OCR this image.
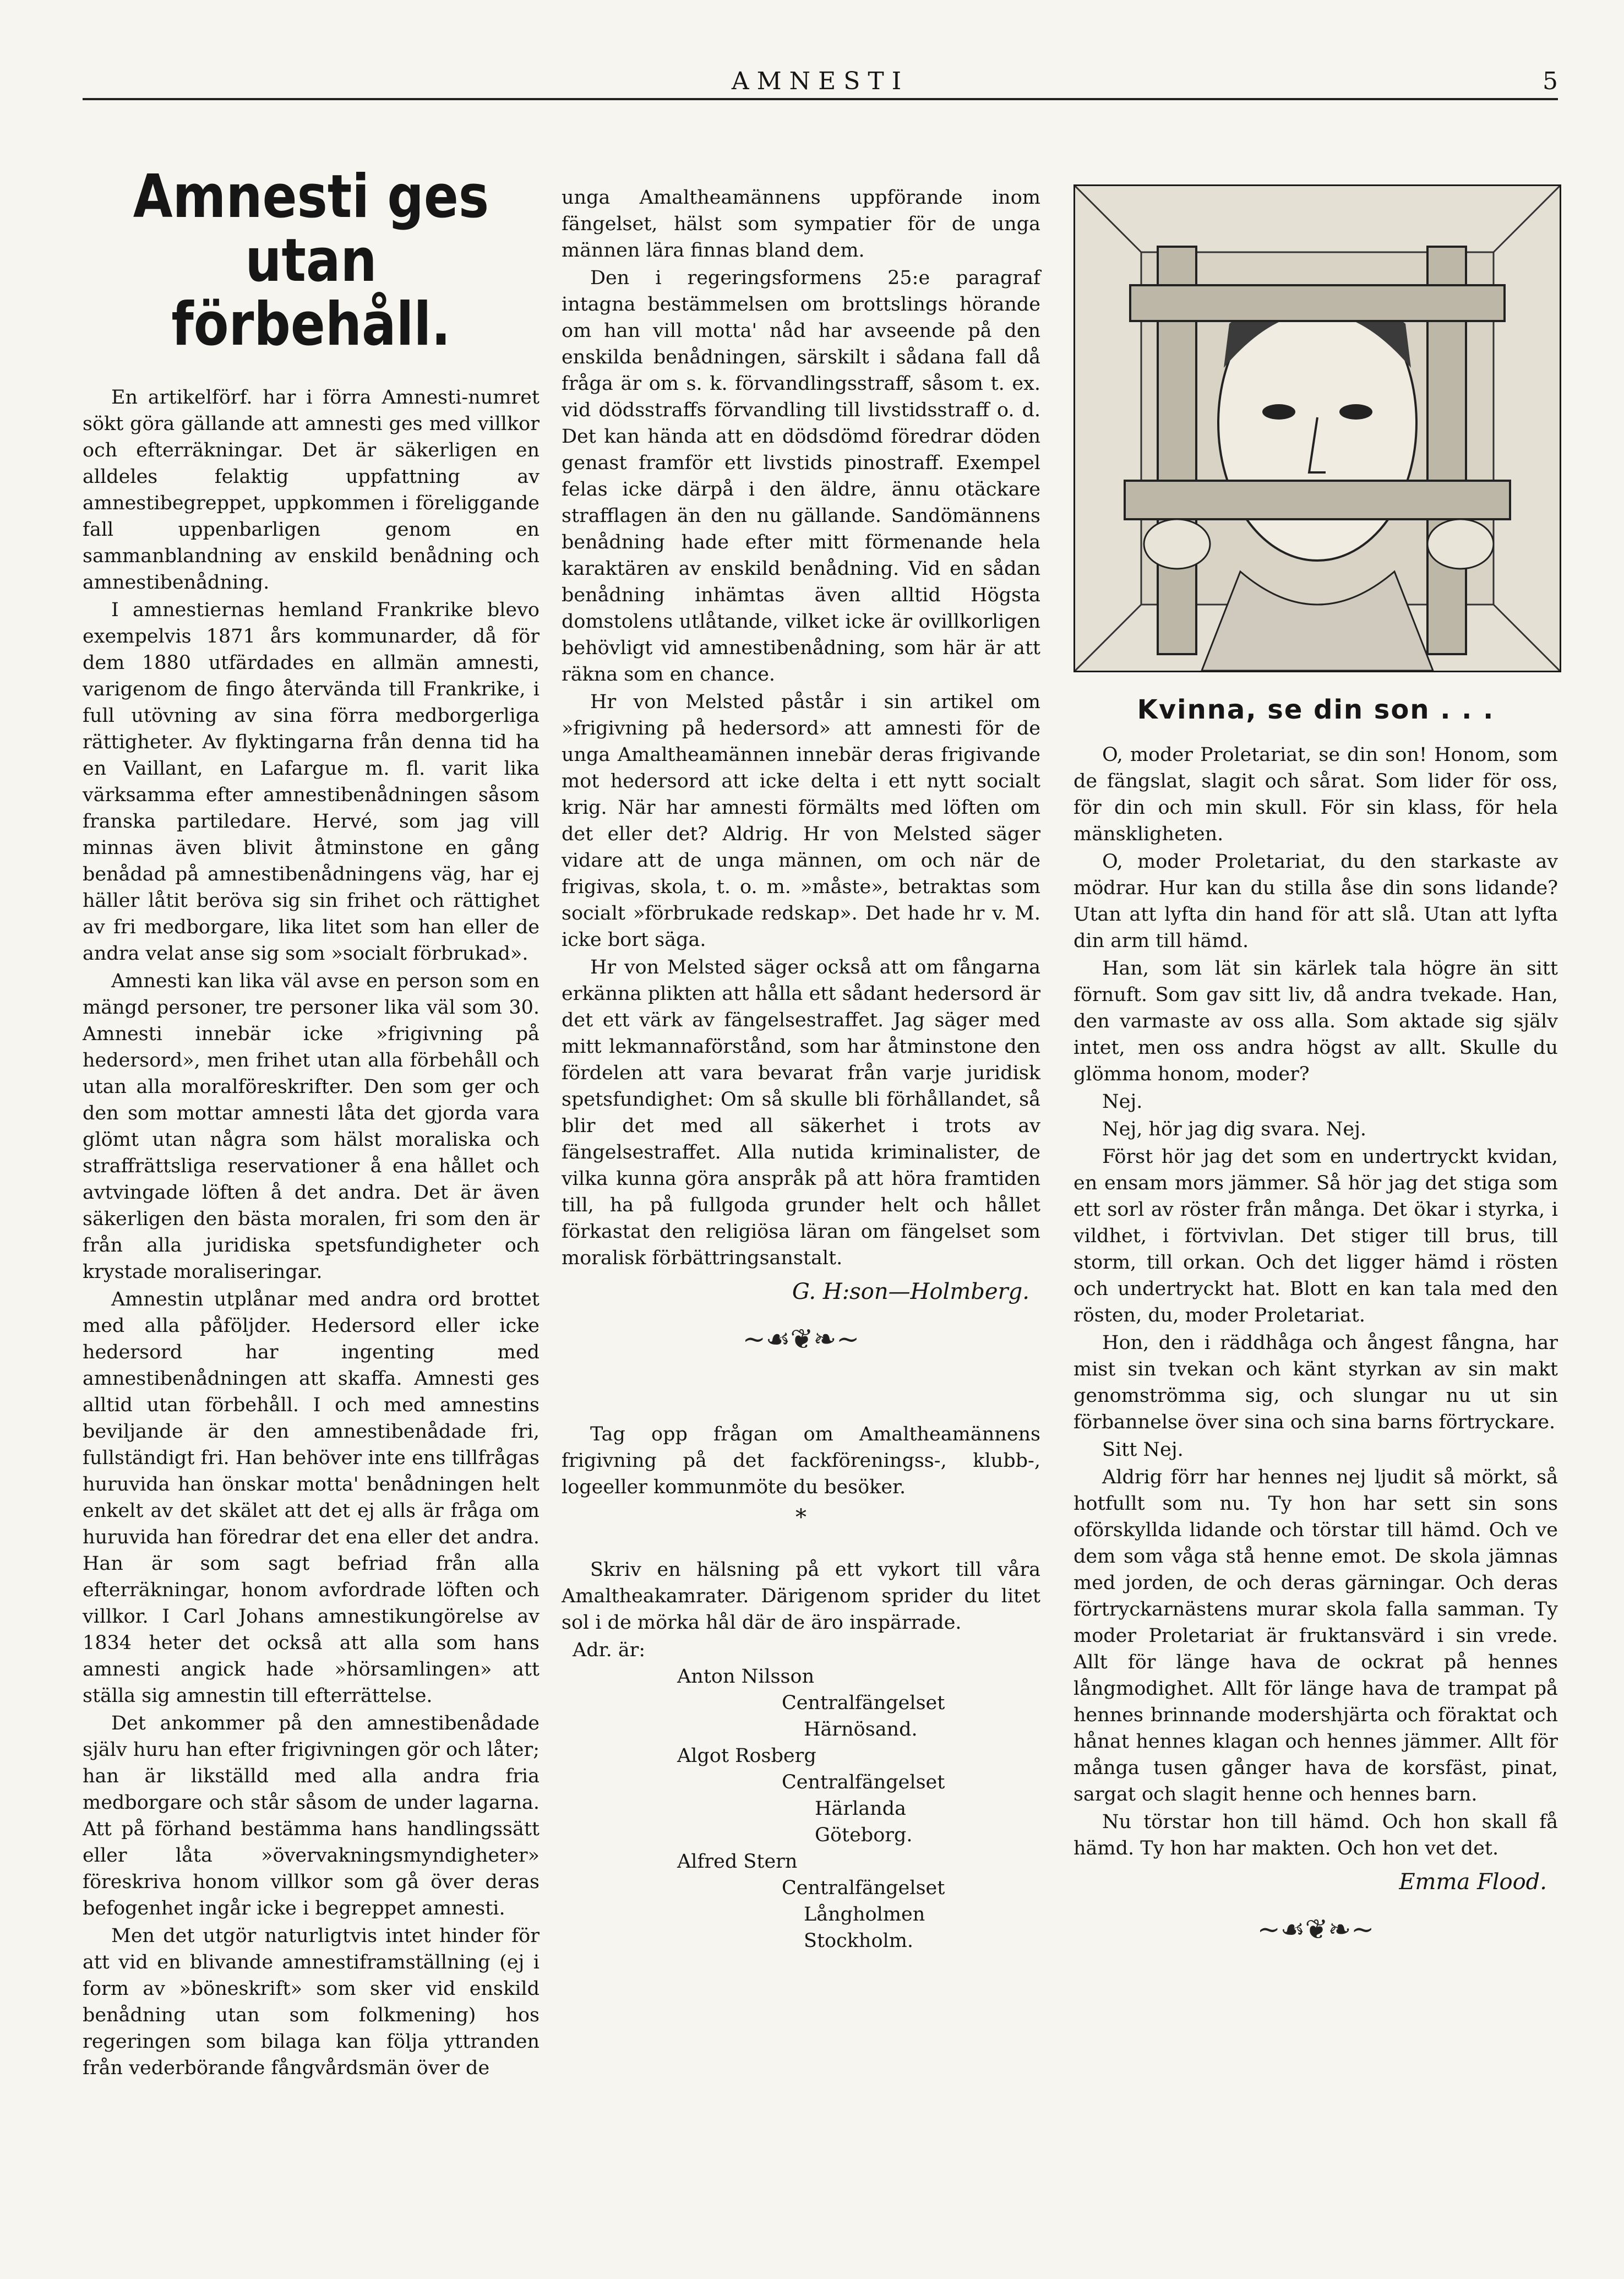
AMNESTI	5
Amnesti ges utan
förbehåll.

En artikelförf. har i förra Amnesti-numret sökt göra gällande att amnesti ges med villkor och efterräkningar. Det är säkerligen en alldeles felaktig uppfattning av amnestibegreppet, uppkommen i föreliggande fall uppenbarligen genom en sammanblandning av enskild benådning och amnestibenådning.

I amnestiernas hemland Frankrike blevo exempelvis 1871 års kommunarder, då för dem 1880 utfärdades en allmän amnesti, varigenom de fingo återvända till Frankrike, i full utövning av sina förra medborgerliga rättigheter. Av flyktingarna från denna tid ha en Vaillant, en Lafargue m. fl. varit lika värksamma efter amnestibenådningen såsom franska partiledare. Hervé, som jag vill minnas även blivit åtminstone en gång benådad på amnestibenådningens väg, har ej häller låtit beröva sig sin frihet och rättighet av fri medborgare, lika litet som han eller de andra velat anse sig som »socialt förbrukad».

Amnesti kan lika väl avse en person som en mängd personer, tre personer lika väl som 30. Amnesti innebär icke »frigivning på hedersord», men frihet utan alla förbehåll och utan alla moralföreskrifter. Den som ger och den som mottar amnesti låta det gjorda vara glömt utan några som hälst moraliska och straffrättsliga reservationer å ena hållet och avtvingade löften å det andra. Det är även säkerligen den bästa moralen, fri som den är från alla juridiska spetsfundigheter och krystade moraliseringar.

Amnestin utplånar med andra ord brottet med alla påföljder. Hedersord eller icke hedersord har ingenting med amnestibenådningen att skaffa. Amnesti ges alltid utan förbehåll. I och med amnestins beviljande är den amnestibenådade fri, fullständigt fri. Han behöver inte ens tillfrågas huruvida han önskar motta' benådningen helt enkelt av det skälet att det ej alls är fråga om huruvida han föredrar det ena eller det andra. Han är som sagt befriad från alla efterräkningar, honom avfordrade löften och villkor. I Carl Johans amnestikungörelse av 1834 heter det också att alla som hans amnesti angick hade »hörsamlingen» att ställa sig amnestin till efterrättelse.

Det ankommer på den amnestibenådade själv huru han efter frigivningen gör och låter; han är likställd med alla andra fria medborgare och står såsom de under lagarna. Att på förhand bestämma hans handlingssätt eller låta »övervakningsmyndigheter» föreskriva honom villkor som gå över deras befogenhet ingår icke i begreppet amnesti.

Men det utgör naturligtvis intet hinder för att vid en blivande amnestiframställning (ej i form av »böneskrift» som sker vid enskild benådning utan som folkmening) hos regeringen som bilaga kan följa yttranden från vederbörande fångvårdsmän över de

unga Amaltheamännens uppförande inom fängelset, hälst som sympatier för de unga männen lära finnas bland dem.

Den i regeringsformens 25:e paragraf intagna bestämmelsen om brottslings hörande om han vill motta' nåd har avseende på den enskilda benådningen, särskilt i sådana fall då fråga är om s. k. förvandlingsstraff, såsom t. ex. vid dödsstraffs förvandling till livstidsstraff o. d. Det kan hända att en dödsdömd föredrar döden genast framför ett livstids pinostraff. Exempel felas icke därpå i den äldre, ännu otäckare strafflagen än den nu gällande. Sandömännens benådning hade efter mitt förmenande hela karaktären av enskild benådning. Vid en sådan benådning inhämtas även alltid Högsta domstolens utlåtande, vilket icke är ovillkorligen behövligt vid amnestibenådning, som här är att räkna som en chance.

Hr von Melsted påstår i sin artikel om »frigivning på hedersord» att amnesti för de unga Amaltheamännen innebär deras frigivande mot hedersord att icke delta i ett nytt socialt krig. När har amnesti förmälts med löften om det eller det? Aldrig. Hr von Melsted säger vidare att de unga männen, om och när de frigivas, skola, t. o. m. »måste», betraktas som socialt »förbrukade redskap». Det hade hr v. M. icke bort säga.

Hr von Melsted säger också att om fångarna erkänna plikten att hålla ett sådant hedersord är det ett värk av fängelsestraffet. Jag säger med mitt lekmannaförstånd, som har åtminstone den fördelen att vara bevarat från varje juridisk spetsfundighet: Om så skulle bli förhållandet, så blir det med all säkerhet i trots av fängelsestraffet. Alla nutida kriminalister, de vilka kunna göra anspråk på att höra framtiden till, ha på fullgoda grunder helt och hållet förkastat den religiösa läran om fängelset som moralisk förbättringsanstalt.

G. H:son—Holmberg.
~☙❦❧~

Tag opp frågan om Amaltheamännens frigivning på det fackföreningss-, klubb-, logeeller kommunmöte du besöker.

*

Skriv en hälsning på ett vykort till våra Amaltheakamrater. Därigenom sprider du litet sol i de mörka hål där de äro inspärrade.

Adr. är:
Anton Nilsson
Centralfängelset
Härnösand.
Algot Rosberg
Centralfängelset
Härlanda
Göteborg.
Alfred Stern
Centralfängelset
Långholmen
Stockholm.
Kvinna, se din son . . .

O, moder Proletariat, se din son! Honom, som de fängslat, slagit och sårat. Som lider för oss, för din och min skull. För sin klass, för hela mänskligheten.

O, moder Proletariat, du den starkaste av mödrar. Hur kan du stilla åse din sons lidande? Utan att lyfta din hand för att slå. Utan att lyfta din arm till hämd.

Han, som lät sin kärlek tala högre än sitt förnuft. Som gav sitt liv, då andra tvekade. Han, den varmaste av oss alla. Som aktade sig själv intet, men oss andra högst av allt. Skulle du glömma honom, moder?

Nej.

Nej, hör jag dig svara. Nej.

Först hör jag det som en undertryckt kvidan, en ensam mors jämmer. Så hör jag det stiga som ett sorl av röster från många. Det ökar i styrka, i vildhet, i förtvivlan. Det stiger till brus, till storm, till orkan. Och det ligger hämd i rösten och undertryckt hat. Blott en kan tala med den rösten, du, moder Proletariat.

Hon, den i räddhåga och ångest fångna, har mist sin tvekan och känt styrkan av sin makt genomströmma sig, och slungar nu ut sin förbannelse över sina och sina barns förtryckare.

Sitt Nej.

Aldrig förr har hennes nej ljudit så mörkt, så hotfullt som nu. Ty hon har sett sin sons oförskyllda lidande och törstar till hämd. Och ve dem som våga stå henne emot. De skola jämnas med jorden, de och deras gärningar. Och deras förtryckarnästens murar skola falla samman. Ty moder Proletariat är fruktansvärd i sin vrede. Allt för länge hava de ockrat på hennes långmodighet. Allt för länge hava de trampat på hennes brinnande modershjärta och föraktat och hånat hennes klagan och hennes jämmer. Allt för många tusen gånger hava de korsfäst, pinat, sargat och slagit henne och hennes barn.

Nu törstar hon till hämd. Och hon skall få hämd. Ty hon har makten. Och hon vet det.

Emma Flood.
~☙❦❧~
